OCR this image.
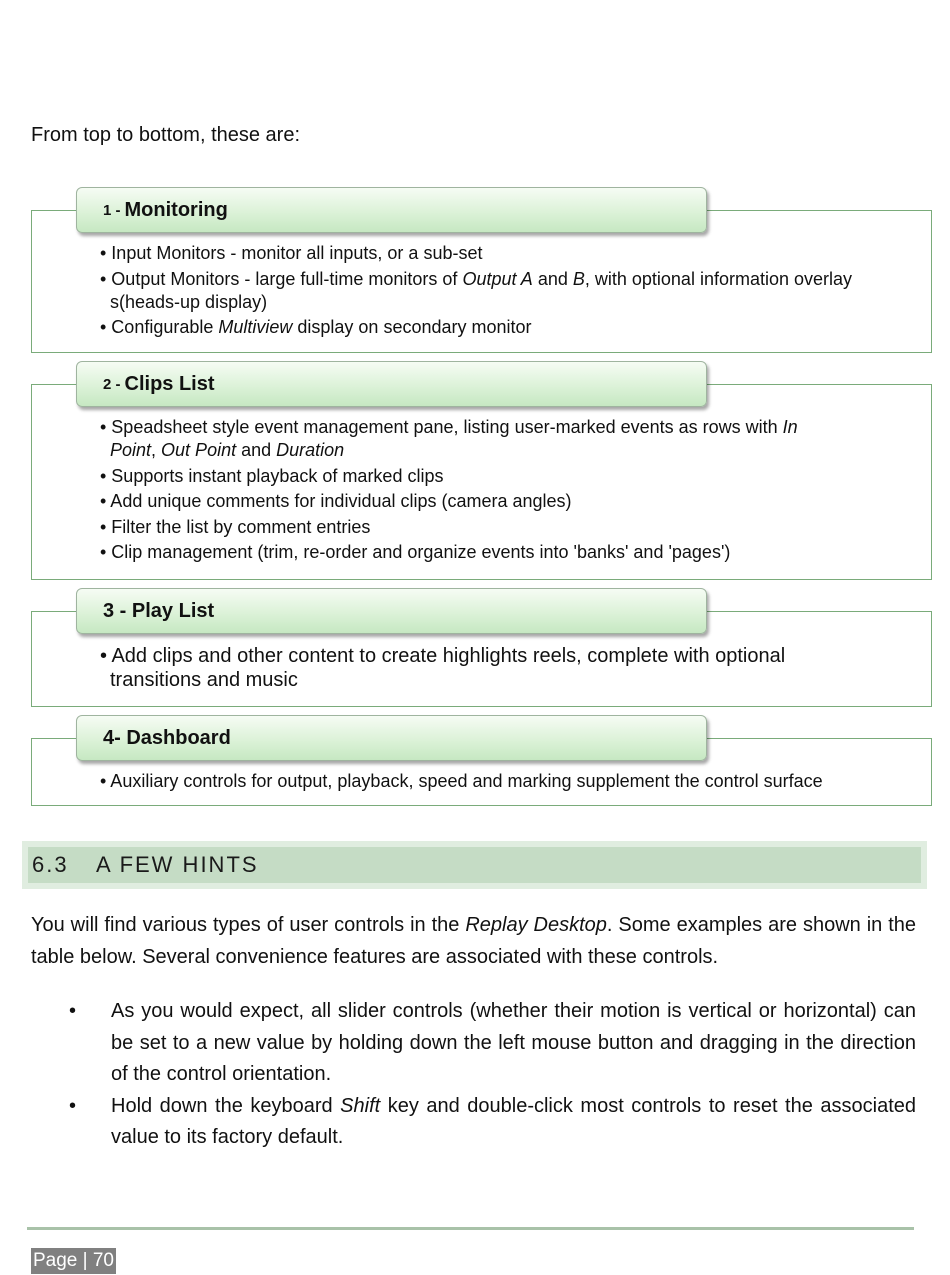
From top to bottom, these are:
1 - Monitoring
• Input Monitors - monitor all inputs, or a sub-set
• Output Monitors - large full-time monitors of Output A and B, with optional information overlay s(heads-up display)
• Configurable Multiview display on secondary monitor
2 - Clips List
• Speadsheet style event management pane, listing user-marked events as rows with In Point, Out Point and Duration
• Supports instant playback of marked clips
• Add unique comments for individual clips (camera angles)
• Filter the list by comment entries
• Clip management (trim, re-order and organize events into 'banks' and 'pages')
3 - Play List
• Add clips and other content to create highlights reels, complete with optional transitions and music
4- Dashboard
• Auxiliary controls for output, playback, speed and marking supplement the control surface
6.3	A FEW HINTS
You will find various types of user controls in the Replay Desktop. Some examples are shown in the table below. Several convenience features are associated with these controls.
• As you would expect, all slider controls (whether their motion is vertical or horizontal) can be set to a new value by holding down the left mouse button and dragging in the direction of the control orientation.
• Hold down the keyboard Shift key and double-click most controls to reset the associated value to its factory default.
Page | 70
